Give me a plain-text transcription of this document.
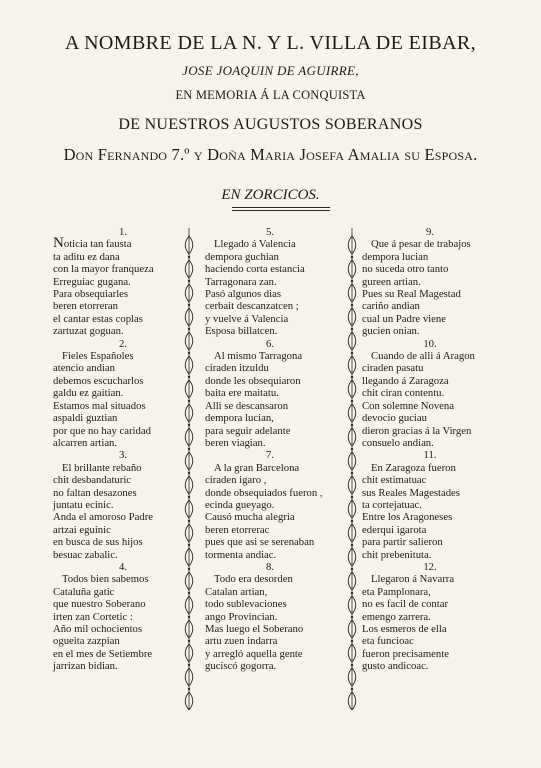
A NOMBRE DE LA N. Y L. VILLA DE EIBAR,
JOSE JOAQUIN DE AGUIRRE,
EN MEMORIA Á LA CONQUISTA
DE NUESTROS AUGUSTOS SOBERANOS
Don Fernando 7.º y Doña Maria Josefa Amalia su Esposa.
EN ZORCICOS.
1.
Noticia tan fausta
ta aditu ez dana
con la mayor franqueza
Erreguiac gugana.
Para obsequiarles
beren etorreran
el cantar estas coplas
zartuzat goguan.
2.
Fieles Españoles
atencio andian
debemos escucharlos
galdu ez gaitian.
Estamos mal situados
aspaldi guztian
por que no hay caridad
alcarren artian.
3.
El brillante rebaño
chit desbandaturic
no faltan desazones
juntatu ecinic.
Anda el amoroso Padre
artzai eguinic
en busca de sus hijos
besuac zabalic.
4.
Todos bien sabemos
Cataluña gatic
que nuestro Soberano
irten zan Cortetic :
Año mil ochocientos
ogueita zazpian
en el mes de Setiembre
jarrizan bidian.
5.
Llegado á Valencia
dempora guchian
haciendo corta estancia
Tarragonara zan.
Pasó algunos dias
cerbait descanzatcen ;
y vuelve á Valencia
Esposa billatcen.
6.
Al mismo Tarragona
ciraden itzuldu
donde les obsequiaron
baita ere maitatu.
Alli se descansaron
dempora lucian,
para seguir adelante
beren viagian.
7.
A la gran Barcelona
ciraden igaro ,
donde obsequiados fueron ,
ecinda gueyago.
Causó mucha alegria
beren etorrerac
pues que asi se serenaban
tormenta andiac.
8.
Todo era desorden
Catalan artian,
todo sublevaciones
ango Provincian.
Mas luego el Soberano
artu zuen indarra
y arregló aquella gente
guciscó gogorra.
9.
Que á pesar de trabajos
dempora lucian
no suceda otro tanto
gureen artian.
Pues su Real Magestad
cariño andian
cual un Padre viene
gucien onian.
10.
Cuando de alli á Aragon
ciraden pasatu
llegando á Zaragoza
chit ciran contentu.
Con solemne Novena
devocio guciau
dieron gracias á la Virgen
consuelo andian.
11.
En Zaragoza fueron
chit estimatuac
sus Reales Magestades
ta cortejatuac.
Entre los Aragoneses
ederqui igarota
para partir salieron
chit prebenituta.
12.
Llegaron á Navarra
eta Pamplonara,
no es facil de contar
emengo zarrera.
Los esmeros de ella
eta funcioac
fueron precisamente
gusto andicoac.
